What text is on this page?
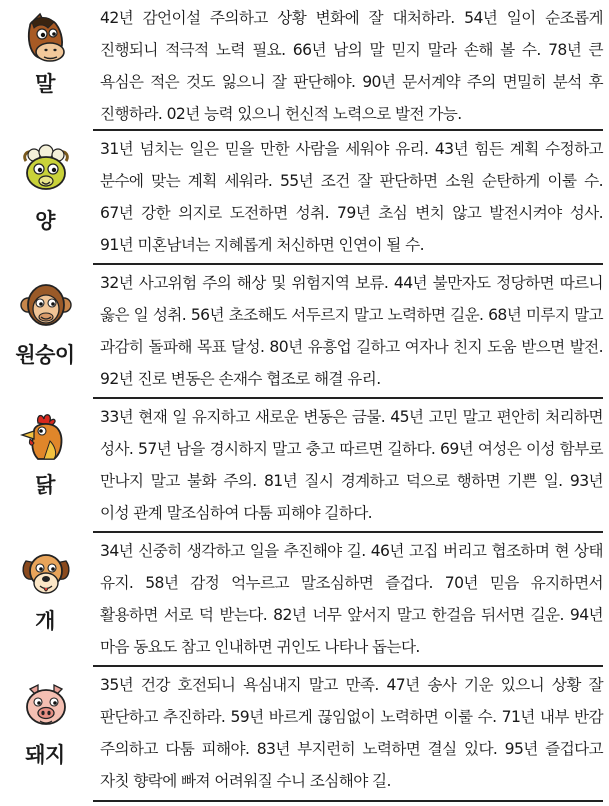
말
42년 감언이설 주의하고 상황 변화에 잘 대처하라. 54년 일이 순조롭게 진행되니 적극적 노력 필요. 66년 남의 말 믿지 말라 손해 볼 수. 78년 큰 욕심은 적은 것도 잃으니 잘 판단해야. 90년 문서계약 주의 면밀히 분석 후 진행하라. 02년 능력 있으니 헌신적 노력으로 발전 가능.
양
31년 넘치는 일은 믿을 만한 사람을 세워야 유리. 43년 힘든 계획 수정하고 분수에 맞는 계획 세워라. 55년 조건 잘 판단하면 소원 순탄하게 이룰 수. 67년 강한 의지로 도전하면 성취. 79년 초심 변치 않고 발전시켜야 성사. 91년 미혼남녀는 지혜롭게 처신하면 인연이 될 수.
원숭이
32년 사고위험 주의 해상 및 위험지역 보류. 44년 불만자도 정당하면 따르니 옳은 일 성취. 56년 초조해도 서두르지 말고 노력하면 길운. 68년 미루지 말고 과감히 돌파해 목표 달성. 80년 유흥업 길하고 여자나 친지 도움 받으면 발전. 92년 진로 변동은 손재수 협조로 해결 유리.
닭
33년 현재 일 유지하고 새로운 변동은 금물. 45년 고민 말고 편안히 처리하면 성사. 57년 남을 경시하지 말고 충고 따르면 길하다. 69년 여성은 이성 함부로 만나지 말고 불화 주의. 81년 질시 경계하고 덕으로 행하면 기쁜 일. 93년 이성 관계 말조심하여 다툼 피해야 길하다.
개
34년 신중히 생각하고 일을 추진해야 길. 46년 고집 버리고 협조하며 현 상태 유지. 58년 감정 억누르고 말조심하면 즐겁다. 70년 믿음 유지하면서 활용하면 서로 덕 받는다. 82년 너무 앞서지 말고 한걸음 뒤서면 길운. 94년 마음 동요도 참고 인내하면 귀인도 나타나 돕는다.
돼지
35년 건강 호전되니 욕심내지 말고 만족. 47년 송사 기운 있으니 상황 잘 판단하고 추진하라. 59년 바르게 끊임없이 노력하면 이룰 수. 71년 내부 반감 주의하고 다툼 피해야. 83년 부지런히 노력하면 결실 있다. 95년 즐겁다고 자칫 향락에 빠져 어려워질 수니 조심해야 길.
